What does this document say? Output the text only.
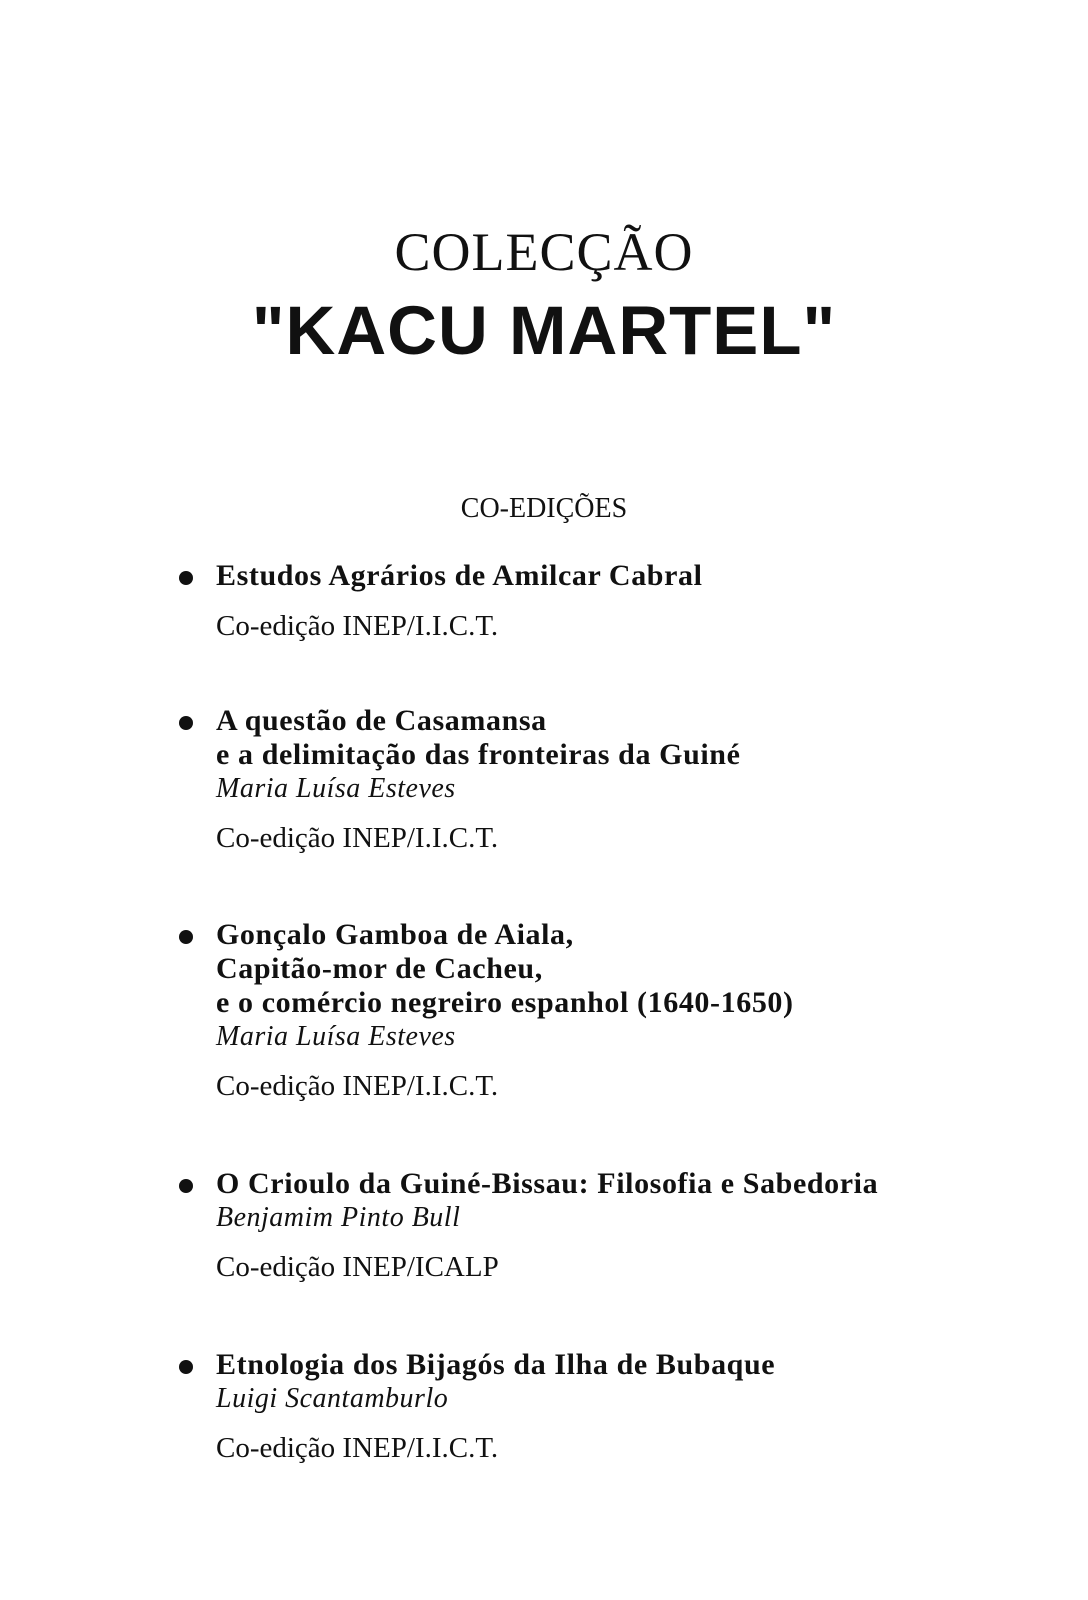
COLECÇÃO
"KACU MARTEL"
CO-EDIÇÕES
Estudos Agrários de Amilcar Cabral
Co-edição INEP/I.I.C.T.
A questão de Casamansa
e a delimitação das fronteiras da Guiné
Maria Luísa Esteves
Co-edição INEP/I.I.C.T.
Gonçalo Gamboa de Aiala,
Capitão-mor de Cacheu,
e o comércio negreiro espanhol (1640-1650)
Maria Luísa Esteves
Co-edição INEP/I.I.C.T.
O Crioulo da Guiné-Bissau: Filosofia e Sabedoria
Benjamim Pinto Bull
Co-edição INEP/ICALP
Etnologia dos Bijagós da Ilha de Bubaque
Luigi Scantamburlo
Co-edição INEP/I.I.C.T.
